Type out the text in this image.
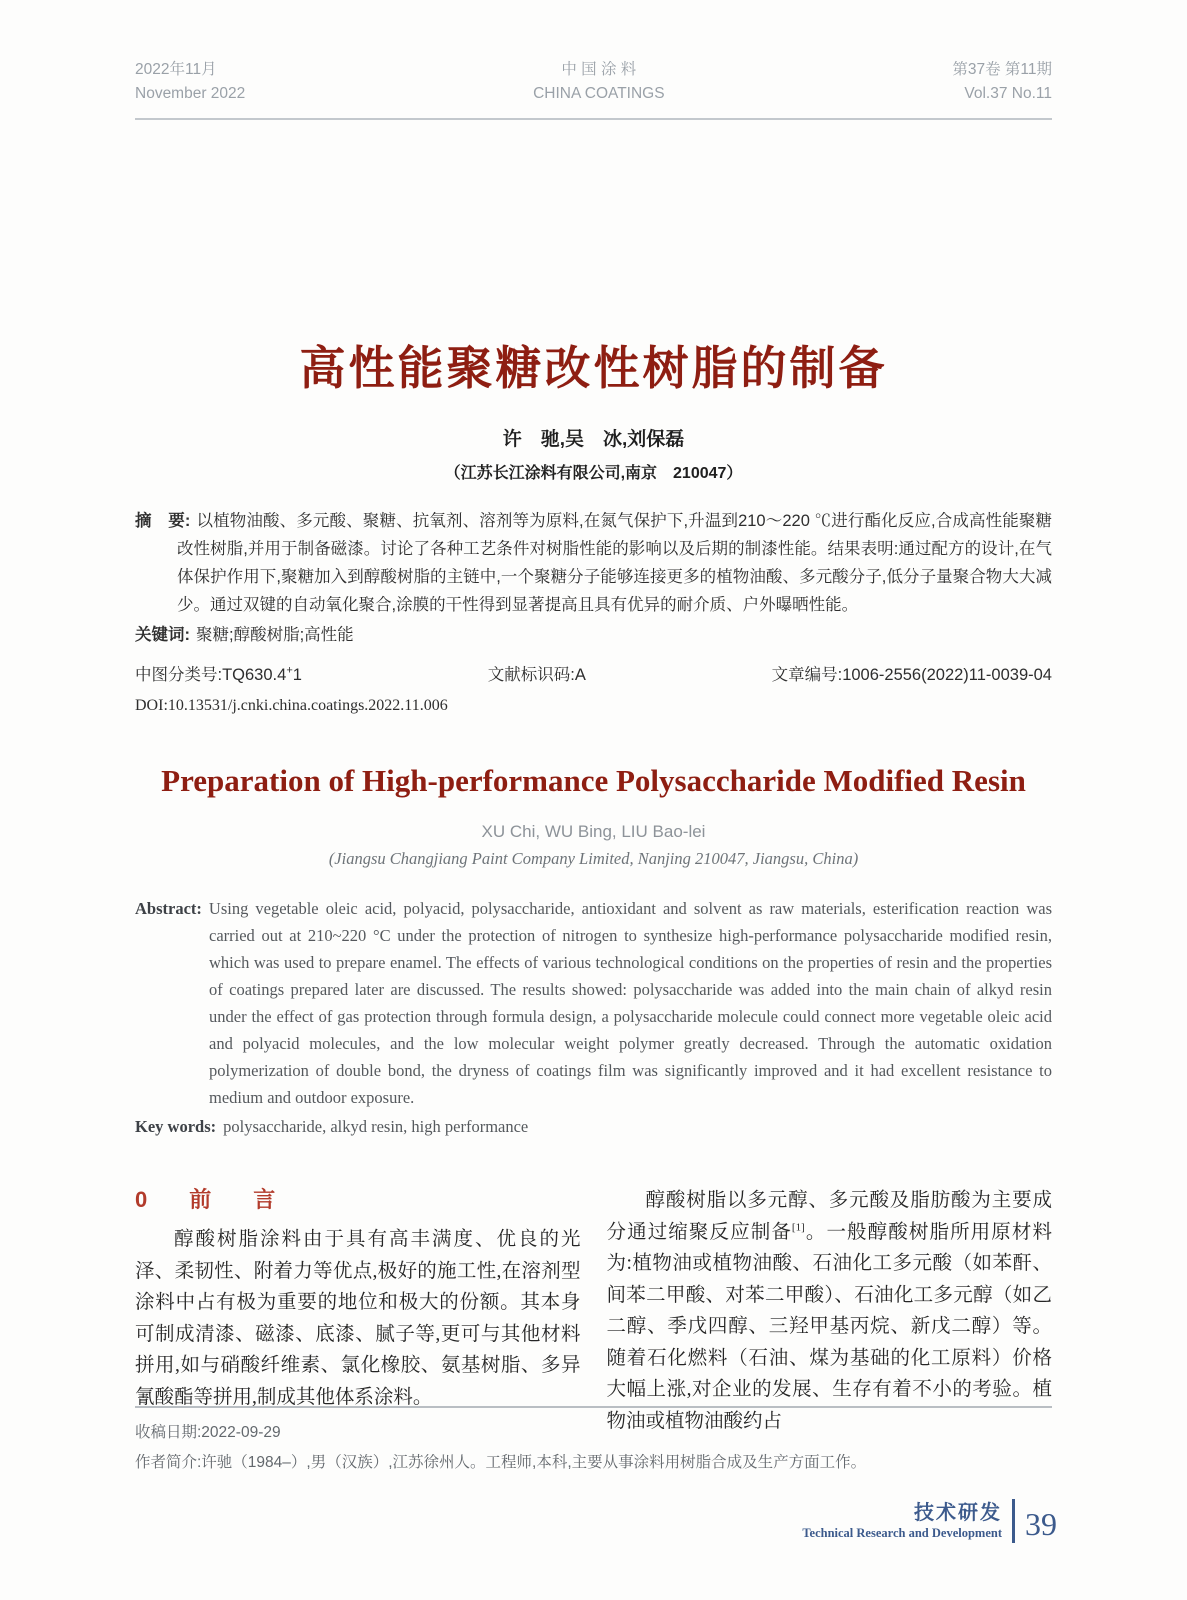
2022年11月
November 2022
中 国 涂 料
CHINA COATINGS
第37卷 第11期
Vol.37 No.11
高性能聚糖改性树脂的制备
许　驰,吴　冰,刘保磊
（江苏长江涂料有限公司,南京　210047）

摘　要: 以植物油酸、多元酸、聚糖、抗氧剂、溶剂等为原料,在氮气保护下,升温到210～220 ℃进行酯化反应,合成高性能聚糖改性树脂,并用于制备磁漆。讨论了各种工艺条件对树脂性能的影响以及后期的制漆性能。结果表明:通过配方的设计,在气体保护作用下,聚糖加入到醇酸树脂的主链中,一个聚糖分子能够连接更多的植物油酸、多元酸分子,低分子量聚合物大大减少。通过双键的自动氧化聚合,涂膜的干性得到显著提高且具有优异的耐介质、户外曝晒性能。

关键词: 聚糖;醇酸树脂;高性能

中图分类号:TQ630.4+1	文献标识码:A	文章编号:1006-2556(2022)11-0039-04
DOI:10.13531/j.cnki.china.coatings.2022.11.006
Preparation of High-performance Polysaccharide Modified Resin
XU Chi, WU Bing, LIU Bao-lei
(Jiangsu Changjiang Paint Company Limited, Nanjing 210047, Jiangsu, China)

Abstract: Using vegetable oleic acid, polyacid, polysaccharide, antioxidant and solvent as raw materials, esterification reaction was carried out at 210~220 °C under the protection of nitrogen to synthesize high-performance polysaccharide modified resin, which was used to prepare enamel. The effects of various technological conditions on the properties of resin and the properties of coatings prepared later are discussed. The results showed: polysaccharide was added into the main chain of alkyd resin under the effect of gas protection through formula design, a polysaccharide molecule could connect more vegetable oleic acid and polyacid molecules, and the low molecular weight polymer greatly decreased. Through the automatic oxidation polymerization of double bond, the dryness of coatings film was significantly improved and it had excellent resistance to medium and outdoor exposure.

Key words: polysaccharide, alkyd resin, high performance

0　前　言

醇酸树脂涂料由于具有高丰满度、优良的光泽、柔韧性、附着力等优点,极好的施工性,在溶剂型涂料中占有极为重要的地位和极大的份额。其本身可制成清漆、磁漆、底漆、腻子等,更可与其他材料拼用,如与硝酸纤维素、氯化橡胶、氨基树脂、多异氰酸酯等拼用,制成其他体系涂料。

醇酸树脂以多元醇、多元酸及脂肪酸为主要成分通过缩聚反应制备[1]。一般醇酸树脂所用原材料为:植物油或植物油酸、石油化工多元酸（如苯酐、间苯二甲酸、对苯二甲酸）、石油化工多元醇（如乙二醇、季戊四醇、三羟甲基丙烷、新戊二醇）等。随着石化燃料（石油、煤为基础的化工原料）价格大幅上涨,对企业的发展、生存有着不小的考验。植物油或植物油酸约占

收稿日期:2022-09-29
作者简介:许驰（1984–）,男（汉族）,江苏徐州人。工程师,本科,主要从事涂料用树脂合成及生产方面工作。
技术研发
Technical Research and Development 39
